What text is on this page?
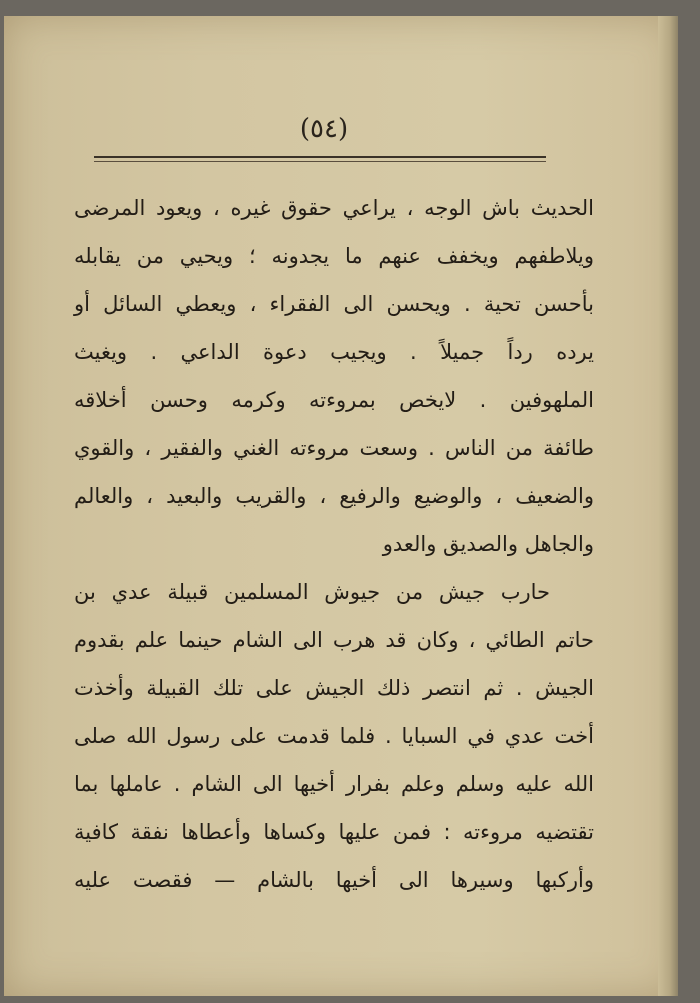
(٥٤)
الحديث باش الوجه ، يراعي حقوق غيره ، ويعود المرضى
ويلاطفهم ويخفف عنهم ما يجدونه ؛ ويحيي من يقابله
بأحسن تحية . ويحسن الى الفقراء ، ويعطي السائل أو
يرده رداً جميلاً . ويجيب دعوة الداعي . ويغيث
الملهوفين . لايخص بمروءته وكرمه وحسن أخلاقه
طائفة من الناس . وسعت مروءته الغني والفقير ، والقوي
والضعيف ، والوضيع والرفيع ، والقريب والبعيد ، والعالم
والجاهل والصديق والعدو
حارب جيش من جيوش المسلمين قبيلة عدي بن
حاتم الطائي ، وكان قد هرب الى الشام حينما علم بقدوم
الجيش . ثم انتصر ذلك الجيش على تلك القبيلة وأخذت
أخت عدي في السبايا . فلما قدمت على رسول الله صلى
الله عليه وسلم وعلم بفرار أخيها الى الشام . عاملها بما
تقتضيه مروءته : فمن عليها وكساها وأعطاها نفقة كافية
وأركبها وسيرها الى أخيها بالشام — فقصت عليه
